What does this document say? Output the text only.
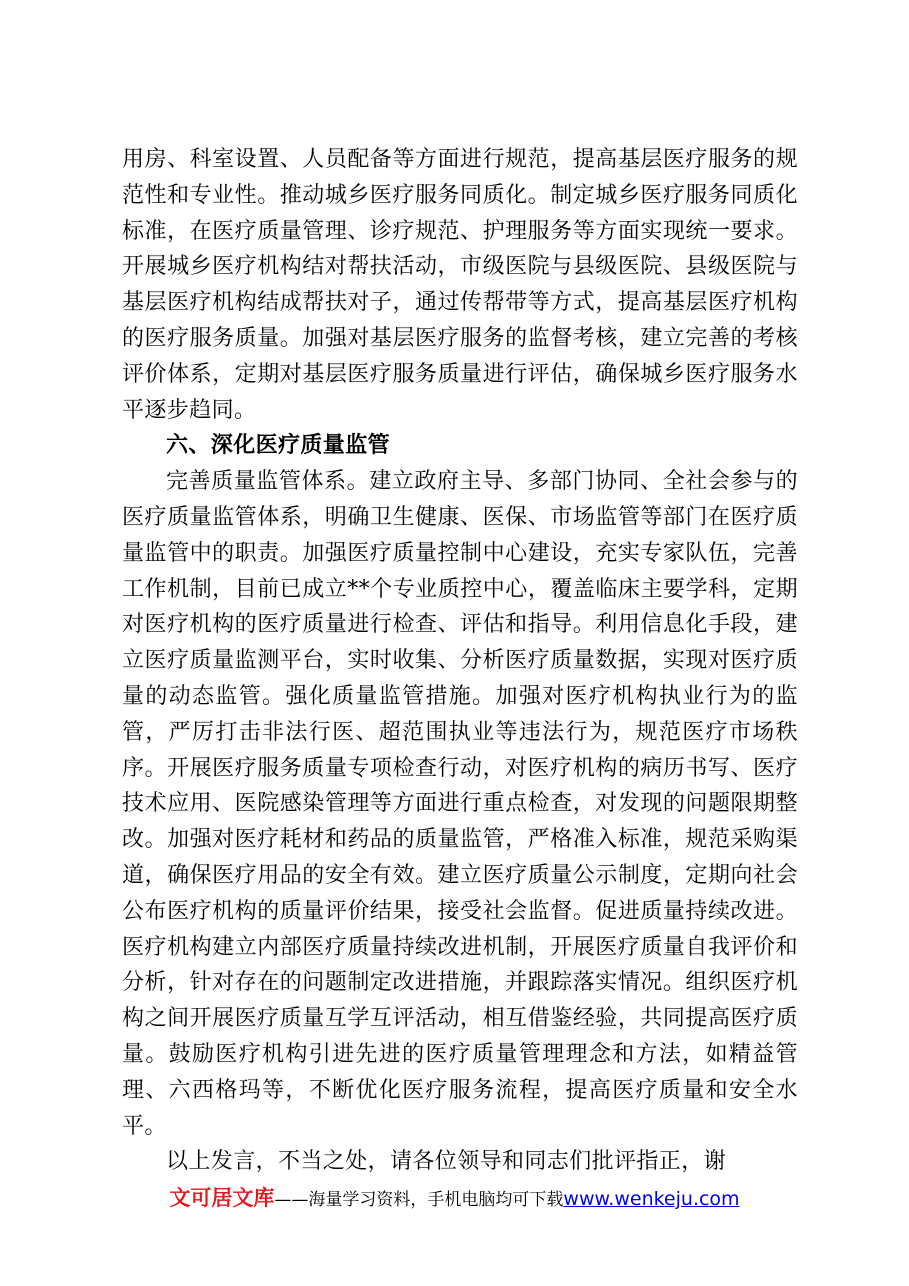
用房、科室设置、人员配备等方面进行规范，提高基层医疗服务的规范性和专业性。推动城乡医疗服务同质化。制定城乡医疗服务同质化标准，在医疗质量管理、诊疗规范、护理服务等方面实现统一要求。开展城乡医疗机构结对帮扶活动，市级医院与县级医院、县级医院与基层医疗机构结成帮扶对子，通过传帮带等方式，提高基层医疗机构的医疗服务质量。加强对基层医疗服务的监督考核，建立完善的考核评价体系，定期对基层医疗服务质量进行评估，确保城乡医疗服务水平逐步趋同。

六、深化医疗质量监管

完善质量监管体系。建立政府主导、多部门协同、全社会参与的医疗质量监管体系，明确卫生健康、医保、市场监管等部门在医疗质量监管中的职责。加强医疗质量控制中心建设，充实专家队伍，完善工作机制，目前已成立**个专业质控中心，覆盖临床主要学科，定期对医疗机构的医疗质量进行检查、评估和指导。利用信息化手段，建立医疗质量监测平台，实时收集、分析医疗质量数据，实现对医疗质量的动态监管。强化质量监管措施。加强对医疗机构执业行为的监管，严厉打击非法行医、超范围执业等违法行为，规范医疗市场秩序。开展医疗服务质量专项检查行动，对医疗机构的病历书写、医疗技术应用、医院感染管理等方面进行重点检查，对发现的问题限期整改。加强对医疗耗材和药品的质量监管，严格准入标准，规范采购渠道，确保医疗用品的安全有效。建立医疗质量公示制度，定期向社会公布医疗机构的质量评价结果，接受社会监督。促进质量持续改进。医疗机构建立内部医疗质量持续改进机制，开展医疗质量自我评价和分析，针对存在的问题制定改进措施，并跟踪落实情况。组织医疗机构之间开展医疗质量互学互评活动，相互借鉴经验，共同提高医疗质量。鼓励医疗机构引进先进的医疗质量管理理念和方法，如精益管理、六西格玛等，不断优化医疗服务流程，提高医疗质量和安全水平。

以上发言，不当之处，请各位领导和同志们批评指正，谢

文可居文库——海量学习资料，手机电脑均可下载www.wenkeju.com
